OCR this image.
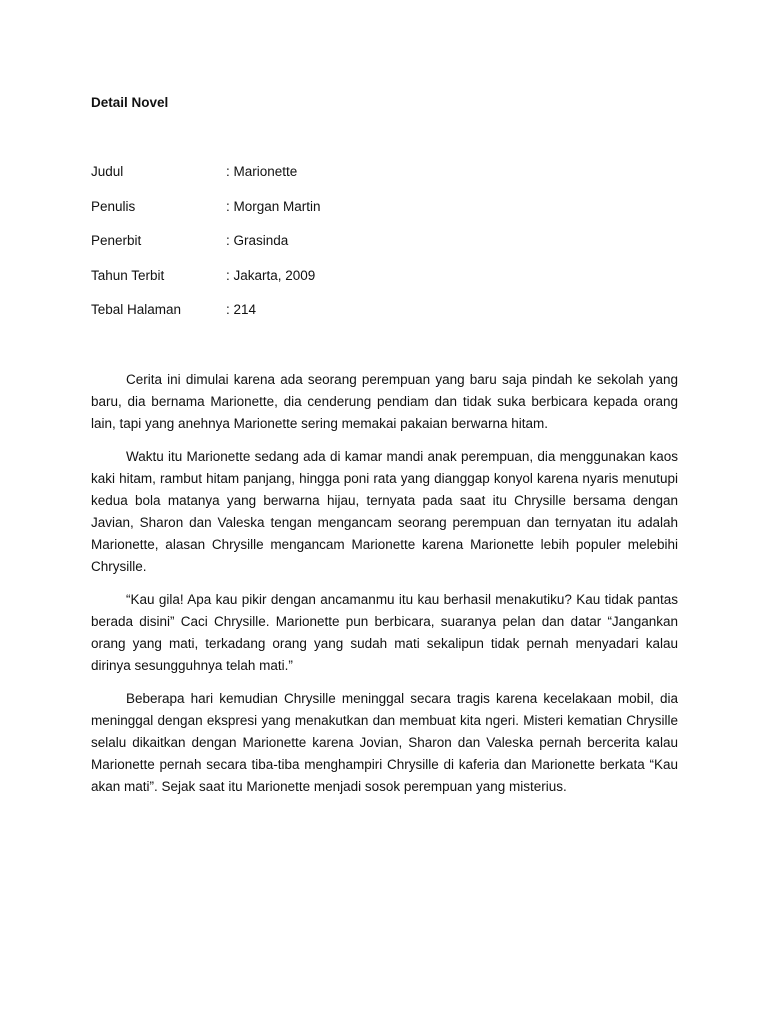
Detail Novel
Judul	: Marionette
Penulis	: Morgan Martin
Penerbit	: Grasinda
Tahun Terbit	: Jakarta, 2009
Tebal Halaman	: 214

Cerita ini dimulai karena ada seorang perempuan yang baru saja pindah ke sekolah yang baru, dia bernama Marionette, dia cenderung pendiam dan tidak suka berbicara kepada orang lain, tapi yang anehnya Marionette sering memakai pakaian berwarna hitam.

Waktu itu Marionette sedang ada di kamar mandi anak perempuan, dia menggunakan kaos kaki hitam, rambut hitam panjang, hingga poni rata yang dianggap konyol karena nyaris menutupi kedua bola matanya yang berwarna hijau, ternyata pada saat itu Chrysille bersama dengan Javian, Sharon dan Valeska tengan mengancam seorang perempuan dan ternyatan itu adalah Marionette, alasan Chrysille mengancam Marionette karena Marionette lebih populer melebihi Chrysille.

“Kau gila! Apa kau pikir dengan ancamanmu itu kau berhasil menakutiku? Kau tidak pantas berada disini” Caci Chrysille. Marionette pun berbicara, suaranya pelan dan datar “Jangankan orang yang mati, terkadang orang yang sudah mati sekalipun tidak pernah menyadari kalau dirinya sesungguhnya telah mati.”

Beberapa hari kemudian Chrysille meninggal secara tragis karena kecelakaan mobil, dia meninggal dengan ekspresi yang menakutkan dan membuat kita ngeri. Misteri kematian Chrysille selalu dikaitkan dengan Marionette karena Jovian, Sharon dan Valeska pernah bercerita kalau Marionette pernah secara tiba-tiba menghampiri Chrysille di kaferia dan Marionette berkata “Kau akan mati”. Sejak saat itu Marionette menjadi sosok perempuan yang misterius.
